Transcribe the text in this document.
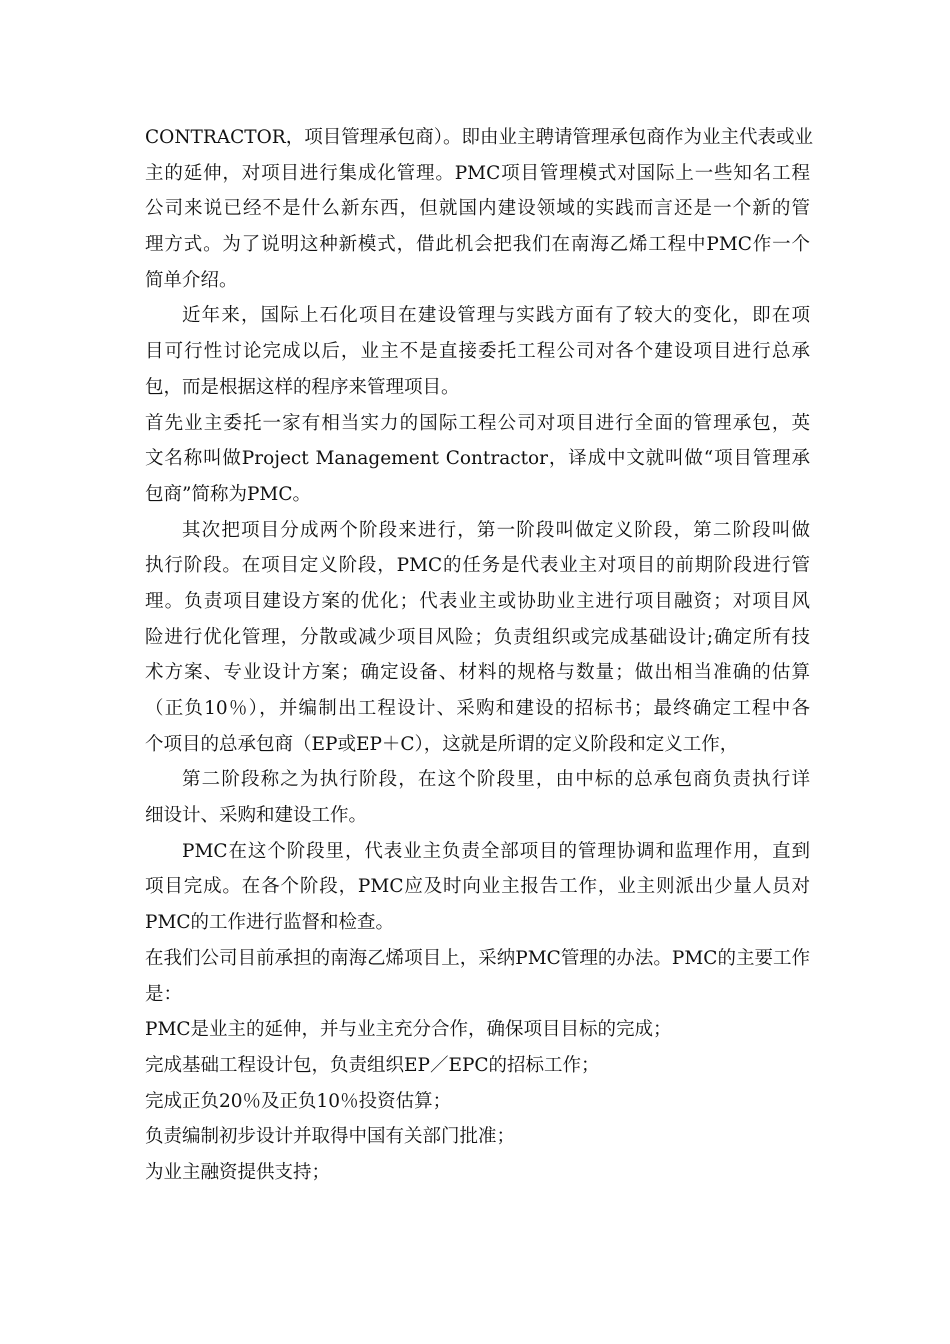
CONTRACTOR，项目管理承包商）。即由业主聘请管理承包商作为业主代表或业
主的延伸，对项目进行集成化管理。PMC项目管理模式对国际上一些知名工程
公司来说已经不是什么新东西，但就国内建设领域的实践而言还是一个新的管
理方式。为了说明这种新模式，借此机会把我们在南海乙烯工程中PMC作一个
简单介绍。
近年来，国际上石化项目在建设管理与实践方面有了较大的变化，即在项
目可行性讨论完成以后，业主不是直接委托工程公司对各个建设项目进行总承
包，而是根据这样的程序来管理项目。
首先业主委托一家有相当实力的国际工程公司对项目进行全面的管理承包，英
文名称叫做Project Management Contractor，译成中文就叫做“项目管理承
包商”简称为PMC。
其次把项目分成两个阶段来进行，第一阶段叫做定义阶段，第二阶段叫做
执行阶段。在项目定义阶段，PMC的任务是代表业主对项目的前期阶段进行管
理。负责项目建设方案的优化；代表业主或协助业主进行项目融资；对项目风
险进行优化管理，分散或减少项目风险；负责组织或完成基础设计;确定所有技
术方案、专业设计方案；确定设备、材料的规格与数量；做出相当准确的估算
（正负10％），并编制出工程设计、采购和建设的招标书；最终确定工程中各
个项目的总承包商（EP或EP＋C），这就是所谓的定义阶段和定义工作，
第二阶段称之为执行阶段，在这个阶段里，由中标的总承包商负责执行详
细设计、采购和建设工作。
PMC在这个阶段里，代表业主负责全部项目的管理协调和监理作用，直到
项目完成。在各个阶段，PMC应及时向业主报告工作，业主则派出少量人员对
PMC的工作进行监督和检查。
在我们公司目前承担的南海乙烯项目上，采纳PMC管理的办法。PMC的主要工作
是：
PMC是业主的延伸，并与业主充分合作，确保项目目标的完成；
完成基础工程设计包，负责组织EP／EPC的招标工作；
完成正负20％及正负10％投资估算；
负责编制初步设计并取得中国有关部门批准；
为业主融资提供支持；
